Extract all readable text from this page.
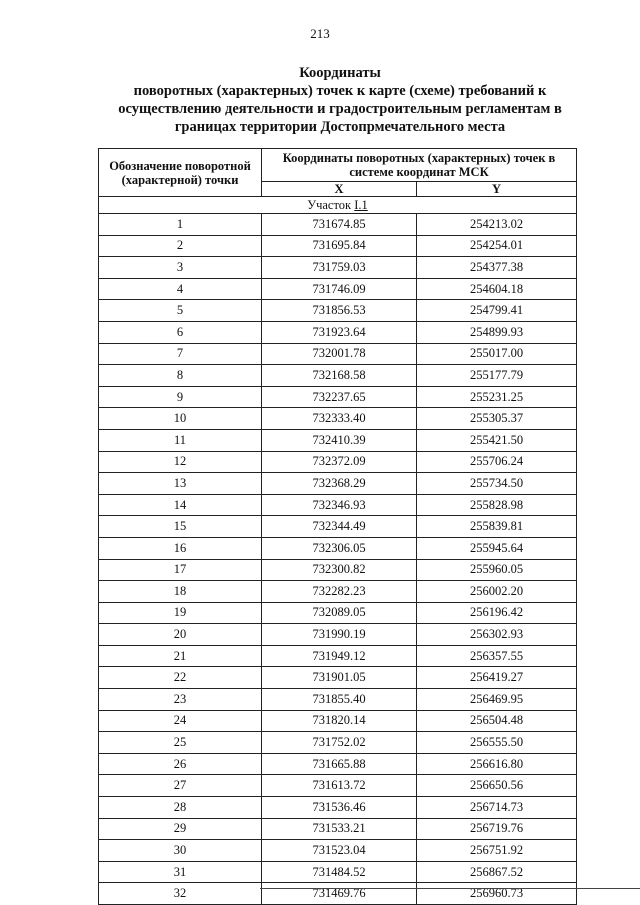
213
Координаты
поворотных (характерных) точек к карте (схеме) требований к
осуществлению деятельности и градостроительным регламентам в
границах территории Достопрмечательного места
Обозначение поворотной (характерной) точки	Координаты поворотных (характерных) точек в системе координат МСК	
	X	Y
Участок I.1		
1	731674.85	254213.02
2	731695.84	254254.01
3	731759.03	254377.38
4	731746.09	254604.18
5	731856.53	254799.41
6	731923.64	254899.93
7	732001.78	255017.00
8	732168.58	255177.79
9	732237.65	255231.25
10	732333.40	255305.37
11	732410.39	255421.50
12	732372.09	255706.24
13	732368.29	255734.50
14	732346.93	255828.98
15	732344.49	255839.81
16	732306.05	255945.64
17	732300.82	255960.05
18	732282.23	256002.20
19	732089.05	256196.42
20	731990.19	256302.93
21	731949.12	256357.55
22	731901.05	256419.27
23	731855.40	256469.95
24	731820.14	256504.48
25	731752.02	256555.50
26	731665.88	256616.80
27	731613.72	256650.56
28	731536.46	256714.73
29	731533.21	256719.76
30	731523.04	256751.92
31	731484.52	256867.52
32	731469.76	256960.73
